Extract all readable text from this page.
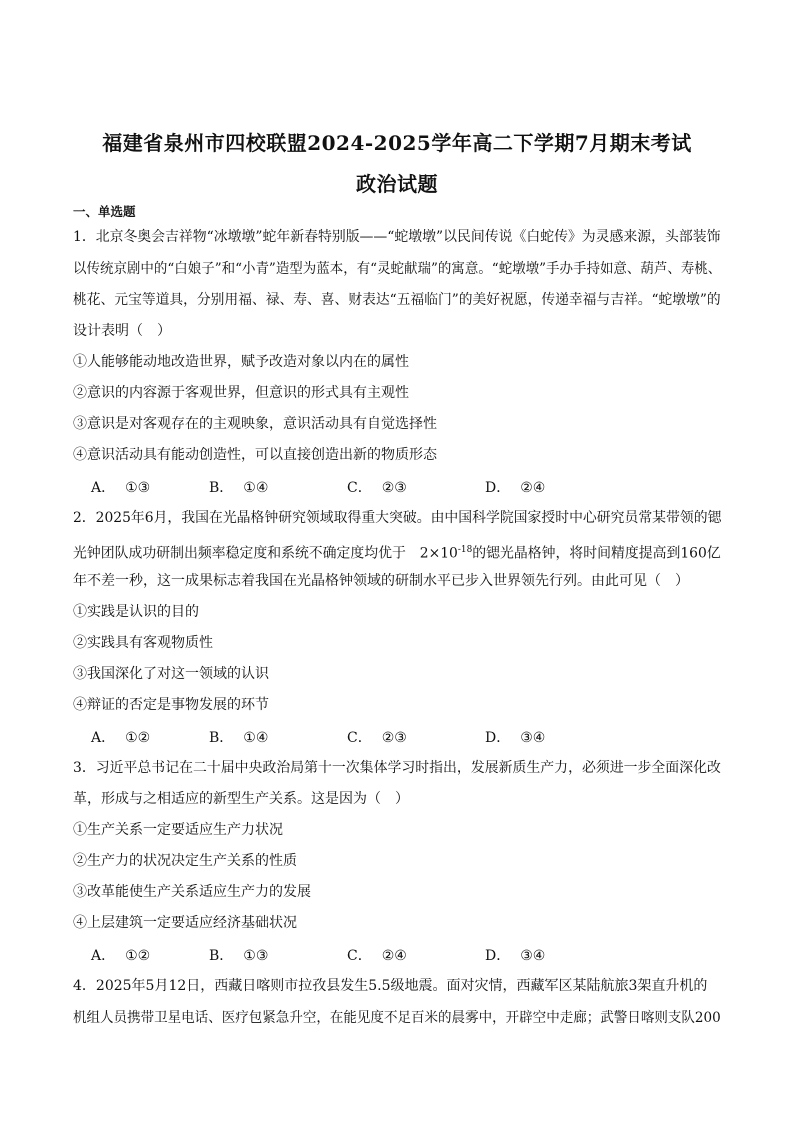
福建省泉州市四校联盟2024-2025学年高二下学期7月期末考试
政治试题
一、单选题
1．北京冬奥会吉祥物“冰墩墩”蛇年新春特别版——“蛇墩墩”以民间传说《白蛇传》为灵感来源，头部装饰
以传统京剧中的“白娘子”和“小青”造型为蓝本，有“灵蛇献瑞”的寓意。“蛇墩墩”手办手持如意、葫芦、寿桃、
桃花、元宝等道具，分别用福、禄、寿、喜、财表达“五福临门”的美好祝愿，传递幸福与吉祥。“蛇墩墩”的
设计表明（　）
①人能够能动地改造世界，赋予改造对象以内在的属性
②意识的内容源于客观世界，但意识的形式具有主观性
③意识是对客观存在的主观映象，意识活动具有自觉选择性
④意识活动具有能动创造性，可以直接创造出新的物质形态
A． ①③	B． ①④	C． ②③	D． ②④
2．2025年6月，我国在光晶格钟研究领域取得重大突破。由中国科学院国家授时中心研究员常某带领的锶
光钟团队成功研制出频率稳定度和系统不确定度均优于　$2\times 10^{-18}$的锶光晶格钟，将时间精度提高到160亿
年不差一秒，这一成果标志着我国在光晶格钟领域的研制水平已步入世界领先行列。由此可见（　）
①实践是认识的目的
②实践具有客观物质性
③我国深化了对这一领域的认识
④辩证的否定是事物发展的环节
A． ①②	B． ①④	C． ②③	D． ③④
3．习近平总书记在二十届中央政治局第十一次集体学习时指出，发展新质生产力，必须进一步全面深化改
革，形成与之相适应的新型生产关系。这是因为（　）
①生产关系一定要适应生产力状况
②生产力的状况决定生产关系的性质
③改革能使生产关系适应生产力的发展
④上层建筑一定要适应经济基础状况
A． ①②	B． ①③	C． ②④	D． ③④
4．2025年5月12日，西藏日喀则市拉孜县发生5.5级地震。面对灾情，西藏军区某陆航旅3架直升机的
机组人员携带卫星电话、医疗包紧急升空，在能见度不足百米的晨雾中，开辟空中走廊；武警日喀则支队200
